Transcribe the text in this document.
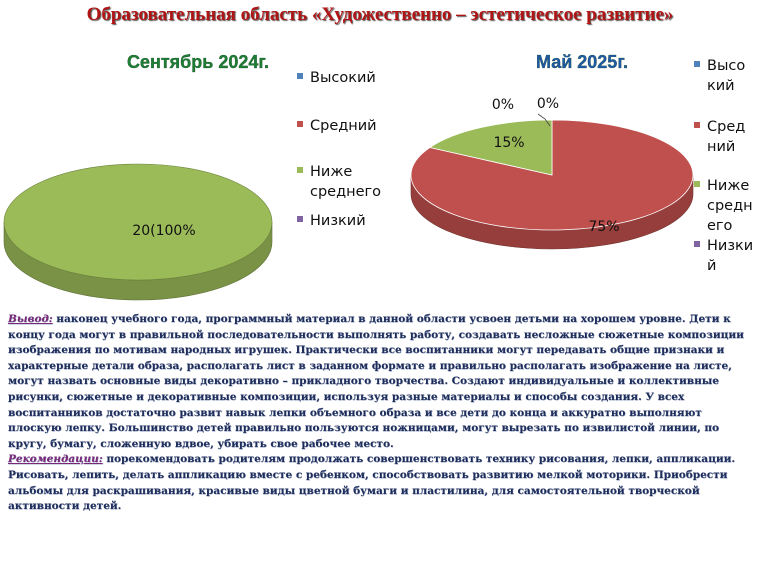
Образовательная область «Художественно – эстетическое развитие»
Сентябрь 2024г.
20(100%
Высокий
Средний
Ниже среднего
Низкий
Май 2025г.
0%
75%
15%
0%
Высо кий
Сред ний
Ниже средн его
Низки й

Вывод: наконец учебного года, программный материал в данной области усвоен детьми на хорошем уровне. Дети к концу года могут в правильной последовательности выполнять работу, создавать несложные сюжетные композиции изображения по мотивам народных игрушек. Практически все воспитанники могут передавать общие признаки и характерные детали образа, располагать лист в заданном формате и правильно располагать изображение на листе, могут назвать основные виды декоративно – прикладного творчества. Создают индивидуальные и коллективные рисунки, сюжетные и декоративные композиции, используя разные материалы и способы создания. У всех воспитанников достаточно развит навык лепки объемного образа и все дети до конца и аккуратно выполняют плоскую лепку. Большинство детей правильно пользуются ножницами, могут вырезать по извилистой линии, по кругу, бумагу, сложенную вдвое, убирать свое рабочее место.

Рекомендации: порекомендовать родителям продолжать совершенствовать технику рисования, лепки, аппликации. Рисовать, лепить, делать аппликацию вместе с ребенком, способствовать развитию мелкой моторики. Приобрести альбомы для раскрашивания, красивые виды цветной бумаги и пластилина, для самостоятельной творческой активности детей.
